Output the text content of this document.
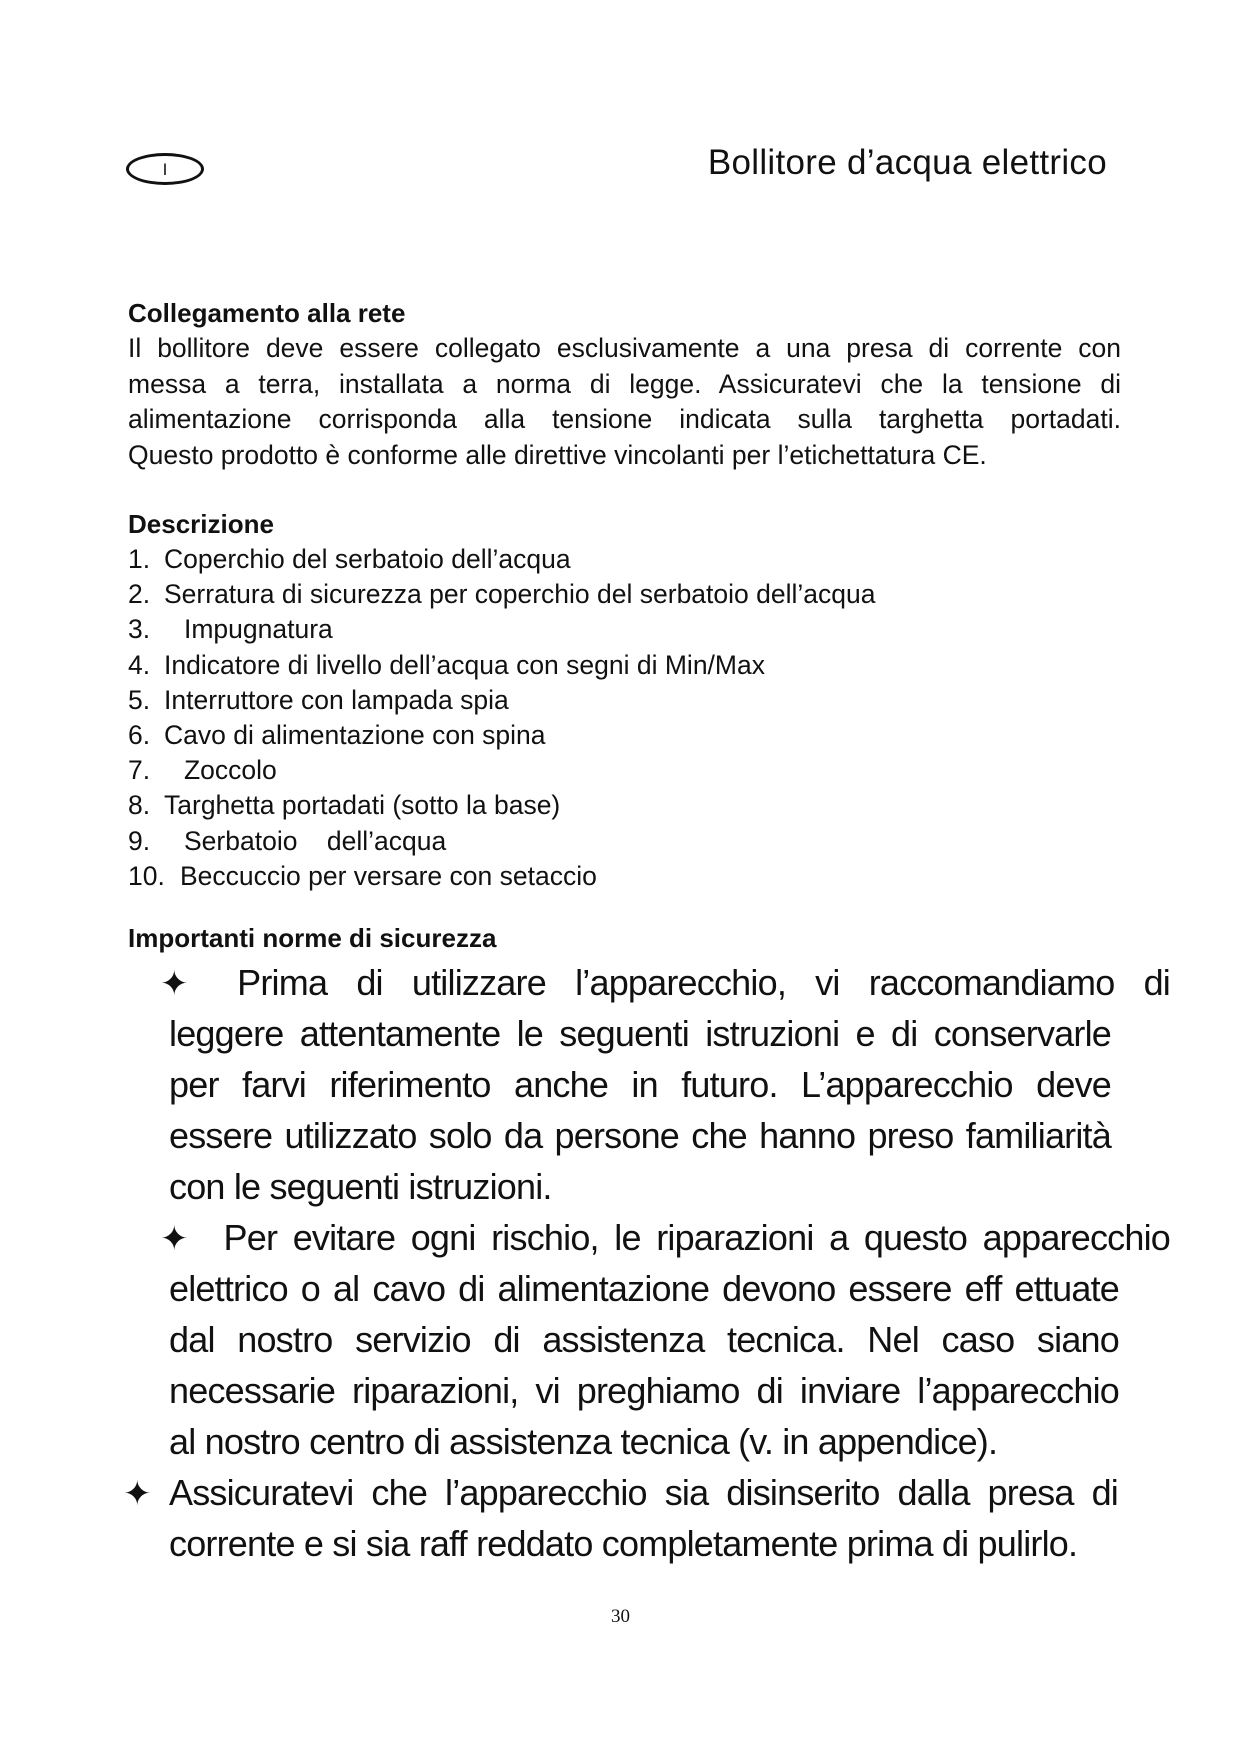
I	Bollitore d’acqua elettrico
Collegamento alla rete

Il bollitore deve essere collegato esclusivamente a una presa di corrente con
messa a terra, installata a norma di legge. Assicuratevi che la tensione di
alimentazione corrisponda alla tensione indicata sulla targhetta portadati.
Questo prodotto è conforme alle direttive vincolanti per l’etichettatura CE.

Descrizione
1. Coperchio del serbatoio dell’acqua
2. Serratura di sicurezza per coperchio del serbatoio dell’acqua
3.	Impugnatura
4. Indicatore di livello dell’acqua con segni di Min/Max
5. Interruttore con lampada spia
6. Cavo di alimentazione con spina
7.	Zoccolo
8. Targhetta portadati (sotto la base)
9.	Serbatoio    dell’acqua
10. Beccuccio per versare con setaccio
Importanti norme di sicurezza

✦ Prima di utilizzare l’apparecchio, vi raccomandiamo di

leggere attentamente le seguenti istruzioni e di conservarle
per farvi riferimento anche in futuro. L’apparecchio deve
essere utilizzato solo da persone che hanno preso familiarità
con le seguenti istruzioni.

✦ Per evitare ogni rischio, le riparazioni a questo apparecchio

elettrico o al cavo di alimentazione devono essere eff ettuate
dal nostro servizio di assistenza tecnica. Nel caso siano
necessarie riparazioni, vi preghiamo di inviare l’apparecchio
al nostro centro di assistenza tecnica (v. in appendice).

✦ Assicuratevi che l’apparecchio sia disinserito dalla presa di

corrente e si sia raff reddato completamente prima di pulirlo.

30
